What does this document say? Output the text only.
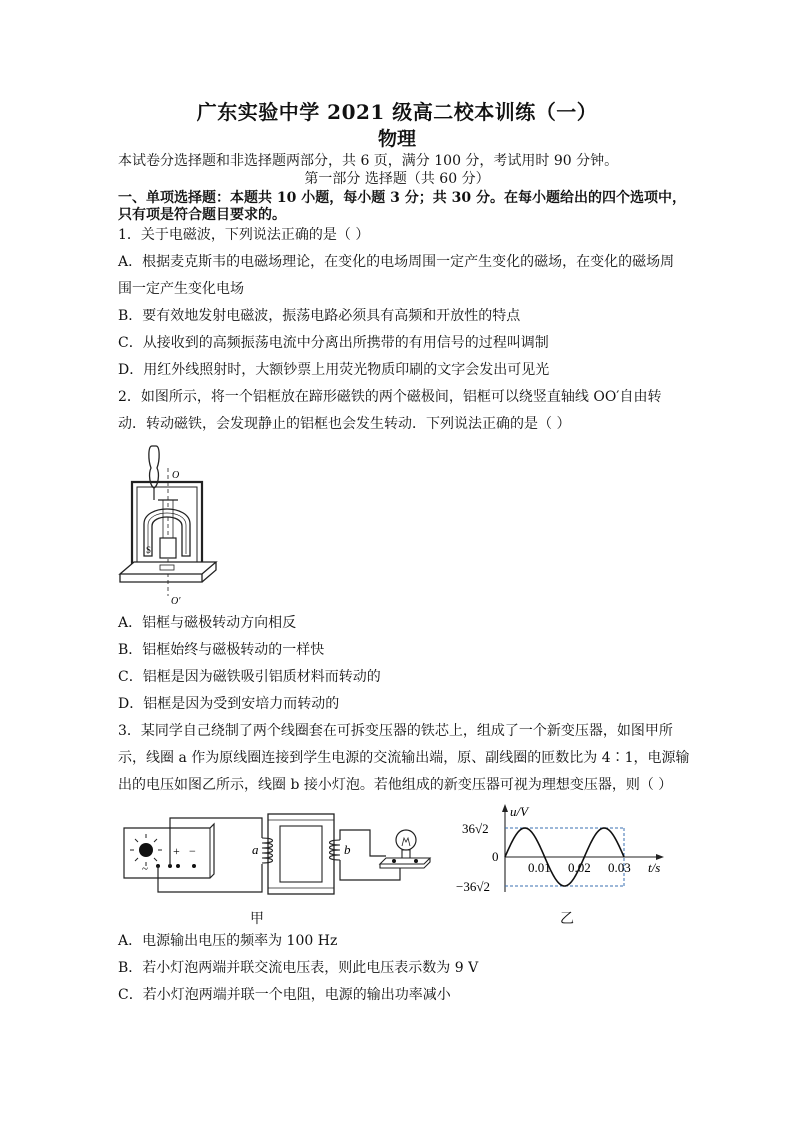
广东实验中学 2021 级高二校本训练（一）
物理
本试卷分选择题和非选择题两部分，共 6 页，满分 100 分，考试用时 90 分钟。
第一部分 选择题（共 60 分）
一、单项选择题：本题共 10 小题，每小题 3 分；共 30 分。在每小题给出的四个选项中，
只有项是符合题目要求的。
1．关于电磁波，下列说法正确的是（ ）
A．根据麦克斯韦的电磁场理论，在变化的电场周围一定产生变化的磁场，在变化的磁场周
围一定产生变化电场
B．要有效地发射电磁波，振荡电路必须具有高频和开放性的特点
C．从接收到的高频振荡电流中分离出所携带的有用信号的过程叫调制
D．用红外线照射时，大额钞票上用荧光物质印刷的文字会发出可见光
2．如图所示，将一个铝框放在蹄形磁铁的两个磁极间，铝框可以绕竖直轴线 OO′自由转
动．转动磁铁，会发现静止的铝框也会发生转动．下列说法正确的是（ ）
S
O
O′
A．铝框与磁极转动方向相反
B．铝框始终与磁极转动的一样快
C．铝框是因为磁铁吸引铝质材料而转动的
D．铝框是因为受到安培力而转动的
3．某同学自己绕制了两个线圈套在可拆变压器的铁芯上，组成了一个新变压器，如图甲所
示，线圈 a 作为原线圈连接到学生电源的交流输出端，原、副线圈的匝数比为 4∶1，电源输
出的电压如图乙所示，线圈 b 接小灯泡。若他组成的新变压器可视为理想变压器，则（ ）
+ −
~
a	b
甲
u/V
t/s
36√2
0
−36√2
0.01 0.02 0.03
乙
A．电源输出电压的频率为 100 Hz
B．若小灯泡两端并联交流电压表，则此电压表示数为 9 V
C．若小灯泡两端并联一个电阻，电源的输出功率减小
